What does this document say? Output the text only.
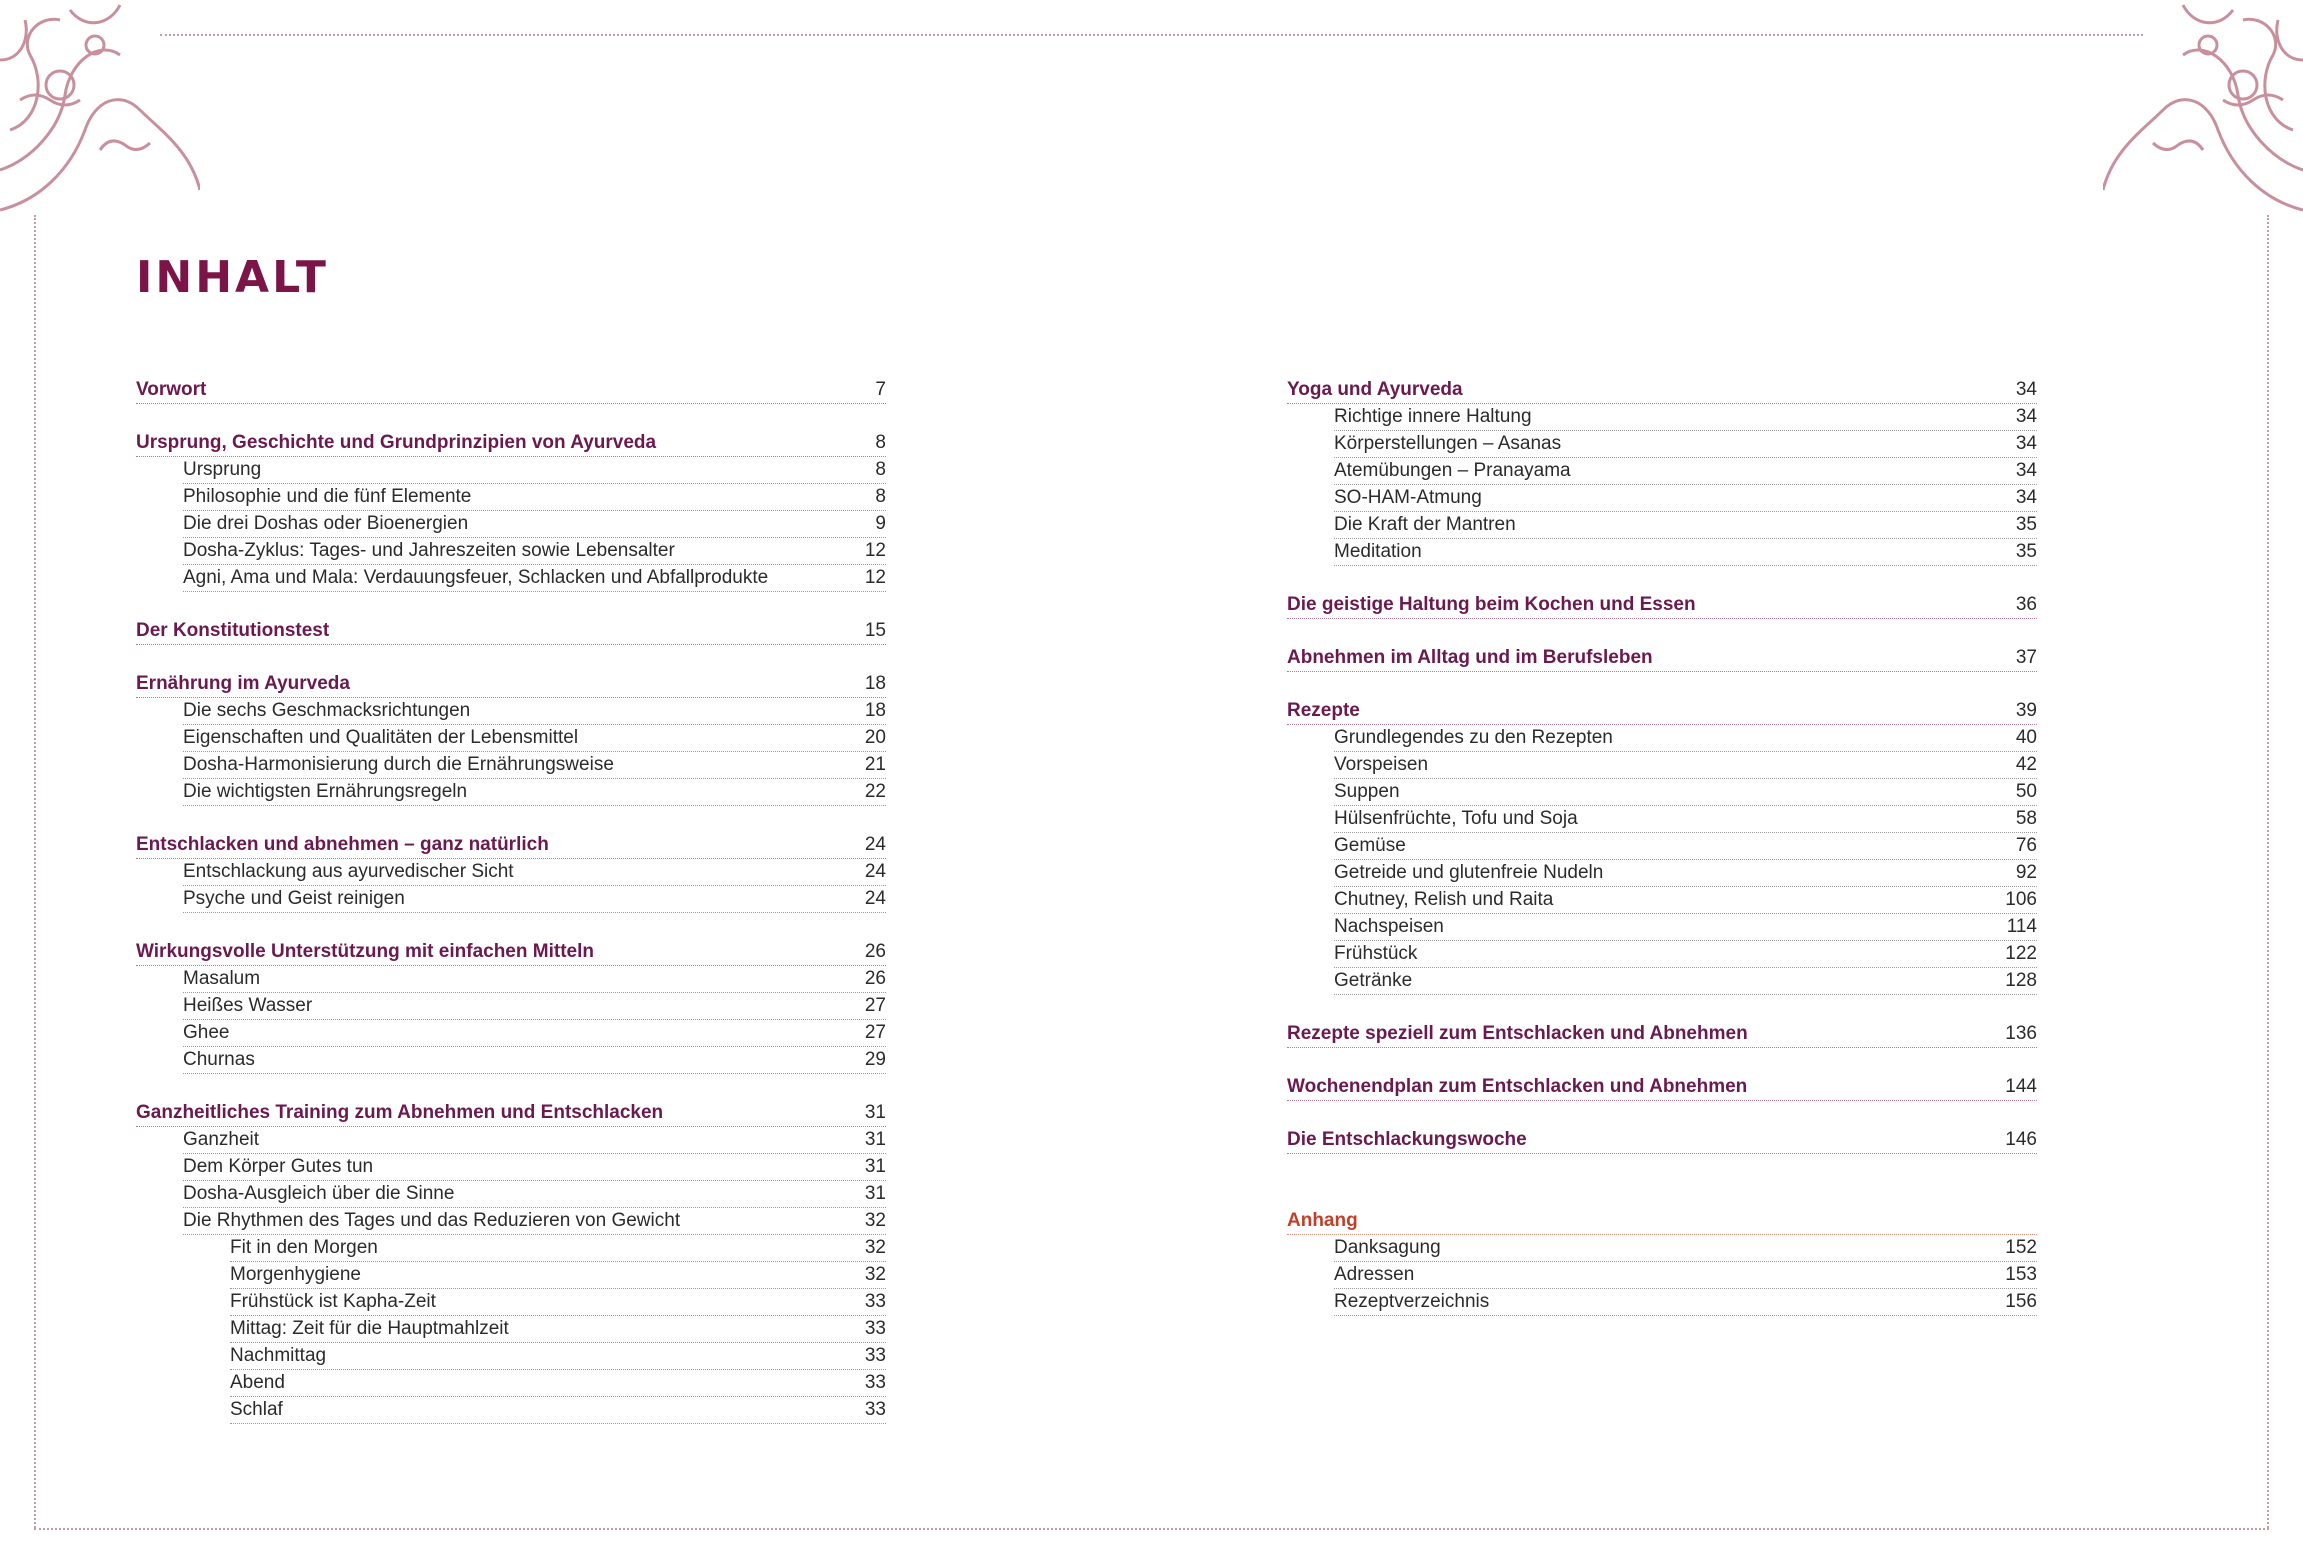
INHALT
Vorwort	7
Ursprung, Geschichte und Grundprinzipien von Ayurveda	8
Ursprung	8
Philosophie und die fünf Elemente	8
Die drei Doshas oder Bioenergien	9
Dosha-Zyklus: Tages- und Jahreszeiten sowie Lebensalter	12
Agni, Ama und Mala: Verdauungsfeuer, Schlacken und Abfallprodukte	12
Der Konstitutionstest	15
Ernährung im Ayurveda	18
Die sechs Geschmacksrichtungen	18
Eigenschaften und Qualitäten der Lebensmittel	20
Dosha-Harmonisierung durch die Ernährungsweise	21
Die wichtigsten Ernährungsregeln	22
Entschlacken und abnehmen – ganz natürlich	24
Entschlackung aus ayurvedischer Sicht	24
Psyche und Geist reinigen	24
Wirkungsvolle Unterstützung mit einfachen Mitteln	26
Masalum	26
Heißes Wasser	27
Ghee	27
Churnas	29
Ganzheitliches Training zum Abnehmen und Entschlacken	31
Ganzheit	31
Dem Körper Gutes tun	31
Dosha-Ausgleich über die Sinne	31
Die Rhythmen des Tages und das Reduzieren von Gewicht	32
Fit in den Morgen	32
Morgenhygiene	32
Frühstück ist Kapha-Zeit	33
Mittag: Zeit für die Hauptmahlzeit	33
Nachmittag	33
Abend	33
Schlaf	33
Yoga und Ayurveda	34
Richtige innere Haltung	34
Körperstellungen – Asanas	34
Atemübungen – Pranayama	34
SO-HAM-Atmung	34
Die Kraft der Mantren	35
Meditation	35
Die geistige Haltung beim Kochen und Essen	36
Abnehmen im Alltag und im Berufsleben	37
Rezepte	39
Grundlegendes zu den Rezepten	40
Vorspeisen	42
Suppen	50
Hülsenfrüchte, Tofu und Soja	58
Gemüse	76
Getreide und glutenfreie Nudeln	92
Chutney, Relish und Raita	106
Nachspeisen	114
Frühstück	122
Getränke	128
Rezepte speziell zum Entschlacken und Abnehmen	136
Wochenendplan zum Entschlacken und Abnehmen	144
Die Entschlackungswoche	146
Anhang
Danksagung	152
Adressen	153
Rezeptverzeichnis	156
